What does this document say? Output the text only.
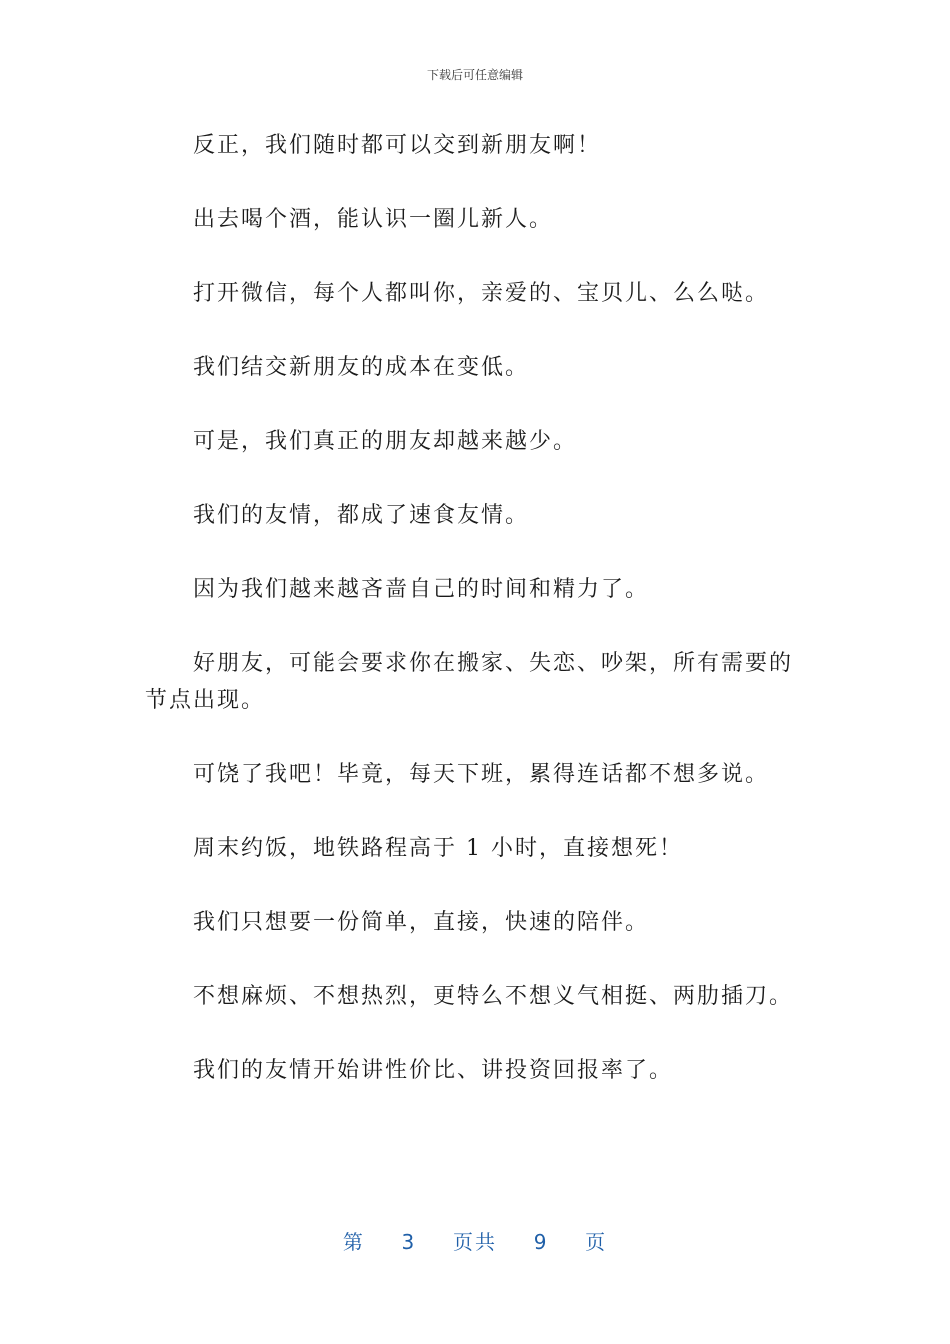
下载后可任意编辑

反正，我们随时都可以交到新朋友啊！

出去喝个酒，能认识一圈儿新人。

打开微信，每个人都叫你，亲爱的、宝贝儿、么么哒。

我们结交新朋友的成本在变低。

可是，我们真正的朋友却越来越少。

我们的友情，都成了速食友情。

因为我们越来越吝啬自己的时间和精力了。

好朋友，可能会要求你在搬家、失恋、吵架，所有需要的节点出现。

可饶了我吧！毕竟，每天下班，累得连话都不想多说。

周末约饭，地铁路程高于 1 小时，直接想死！

我们只想要一份简单，直接，快速的陪伴。

不想麻烦、不想热烈，更特么不想义气相挺、两肋插刀。

我们的友情开始讲性价比、讲投资回报率了。

第 3 页共 9 页
